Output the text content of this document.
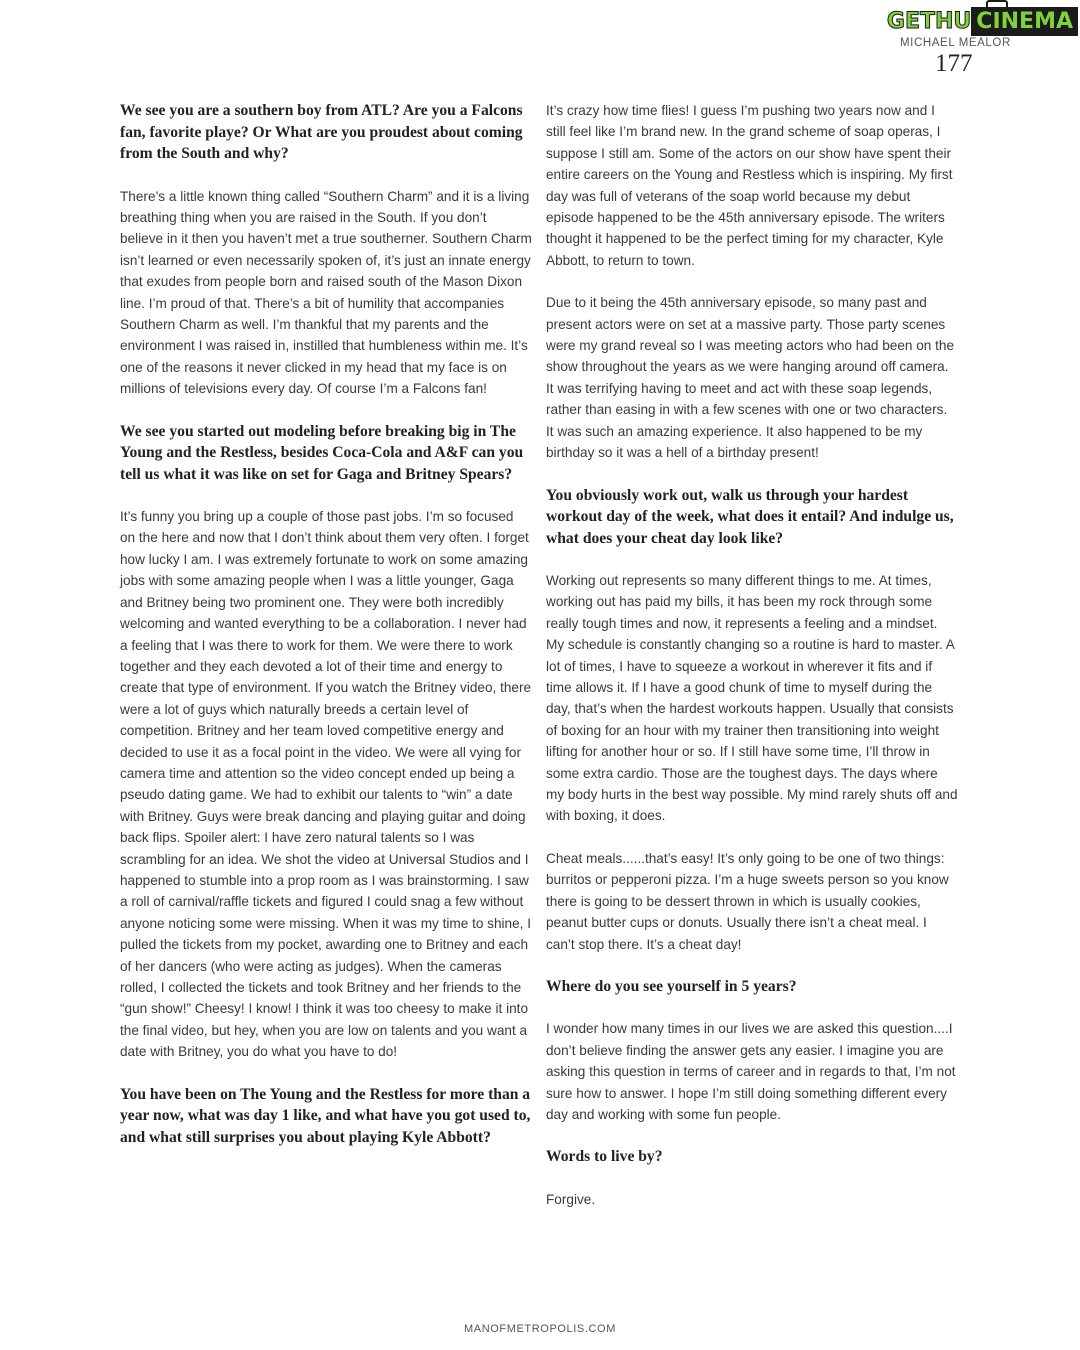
GETHU CINEMA
MICHAEL MEALOR
177

We see you are a southern boy from ATL? Are you a Falcons fan, favorite playe? Or What are you proudest about coming from the South and why?

There’s a little known thing called “Southern Charm” and it is a living breathing thing when you are raised in the South. If you don’t believe in it then you haven’t met a true southerner. Southern Charm isn’t learned or even necessarily spoken of, it’s just an innate energy that exudes from people born and raised south of the Mason Dixon line. I’m proud of that. There’s a bit of humility that accompanies Southern Charm as well. I’m thankful that my parents and the environment I was raised in, instilled that humbleness within me. It’s one of the reasons it never clicked in my head that my face is on millions of televisions every day. Of course I’m a Falcons fan!

We see you started out modeling before breaking big in The Young and the Restless, besides Coca-Cola and A&F can you tell us what it was like on set for Gaga and Britney Spears?

It’s funny you bring up a couple of those past jobs. I’m so focused on the here and now that I don’t think about them very often. I forget how lucky I am. I was extremely fortunate to work on some amazing jobs with some amazing people when I was a little younger, Gaga and Britney being two prominent one. They were both incredibly welcoming and wanted everything to be a collaboration. I never had a feeling that I was there to work for them. We were there to work together and they each devoted a lot of their time and energy to create that type of environment. If you watch the Britney video, there were a lot of guys which naturally breeds a certain level of competition. Britney and her team loved competitive energy and decided to use it as a focal point in the video. We were all vying for camera time and attention so the video concept ended up being a pseudo dating game. We had to exhibit our talents to “win” a date with Britney. Guys were break dancing and playing guitar and doing back flips. Spoiler alert: I have zero natural talents so I was scrambling for an idea. We shot the video at Universal Studios and I happened to stumble into a prop room as I was brainstorming. I saw a roll of carnival/raffle tickets and figured I could snag a few without anyone noticing some were missing. When it was my time to shine, I pulled the tickets from my pocket, awarding one to Britney and each of her dancers (who were acting as judges). When the cameras rolled, I collected the tickets and took Britney and her friends to the “gun show!” Cheesy! I know! I think it was too cheesy to make it into the final video, but hey, when you are low on talents and you want a date with Britney, you do what you have to do!

You have been on The Young and the Restless for more than a year now, what was day 1 like, and what have you got used to, and what still surprises you about playing Kyle Abbott?

It’s crazy how time flies! I guess I’m pushing two years now and I still feel like I’m brand new. In the grand scheme of soap operas, I suppose I still am. Some of the actors on our show have spent their entire careers on the Young and Restless which is inspiring. My first day was full of veterans of the soap world because my debut episode happened to be the 45th anniversary episode. The writers thought it happened to be the perfect timing for my character, Kyle Abbott, to return to town.

Due to it being the 45th anniversary episode, so many past and present actors were on set at a massive party. Those party scenes were my grand reveal so I was meeting actors who had been on the show throughout the years as we were hanging around off camera. It was terrifying having to meet and act with these soap legends, rather than easing in with a few scenes with one or two characters. It was such an amazing experience. It also happened to be my birthday so it was a hell of a birthday present!

You obviously work out, walk us through your hardest workout day of the week, what does it entail? And indulge us, what does your cheat day look like?

Working out represents so many different things to me. At times, working out has paid my bills, it has been my rock through some really tough times and now, it represents a feeling and a mindset. My schedule is constantly changing so a routine is hard to master. A lot of times, I have to squeeze a workout in wherever it fits and if time allows it. If I have a good chunk of time to myself during the day, that’s when the hardest workouts happen. Usually that consists of boxing for an hour with my trainer then transitioning into weight lifting for another hour or so. If I still have some time, I’ll throw in some extra cardio. Those are the toughest days. The days where my body hurts in the best way possible. My mind rarely shuts off and with boxing, it does.

Cheat meals......that’s easy! It’s only going to be one of two things: burritos or pepperoni pizza. I’m a huge sweets person so you know there is going to be dessert thrown in which is usually cookies, peanut butter cups or donuts. Usually there isn’t a cheat meal. I can’t stop there. It’s a cheat day!

Where do you see yourself in 5 years?

I wonder how many times in our lives we are asked this question....I don’t believe finding the answer gets any easier. I imagine you are asking this question in terms of career and in regards to that, I’m not sure how to answer. I hope I’m still doing something different every day and working with some fun people.

Words to live by?

Forgive.

MANOFMETROPOLIS.COM
